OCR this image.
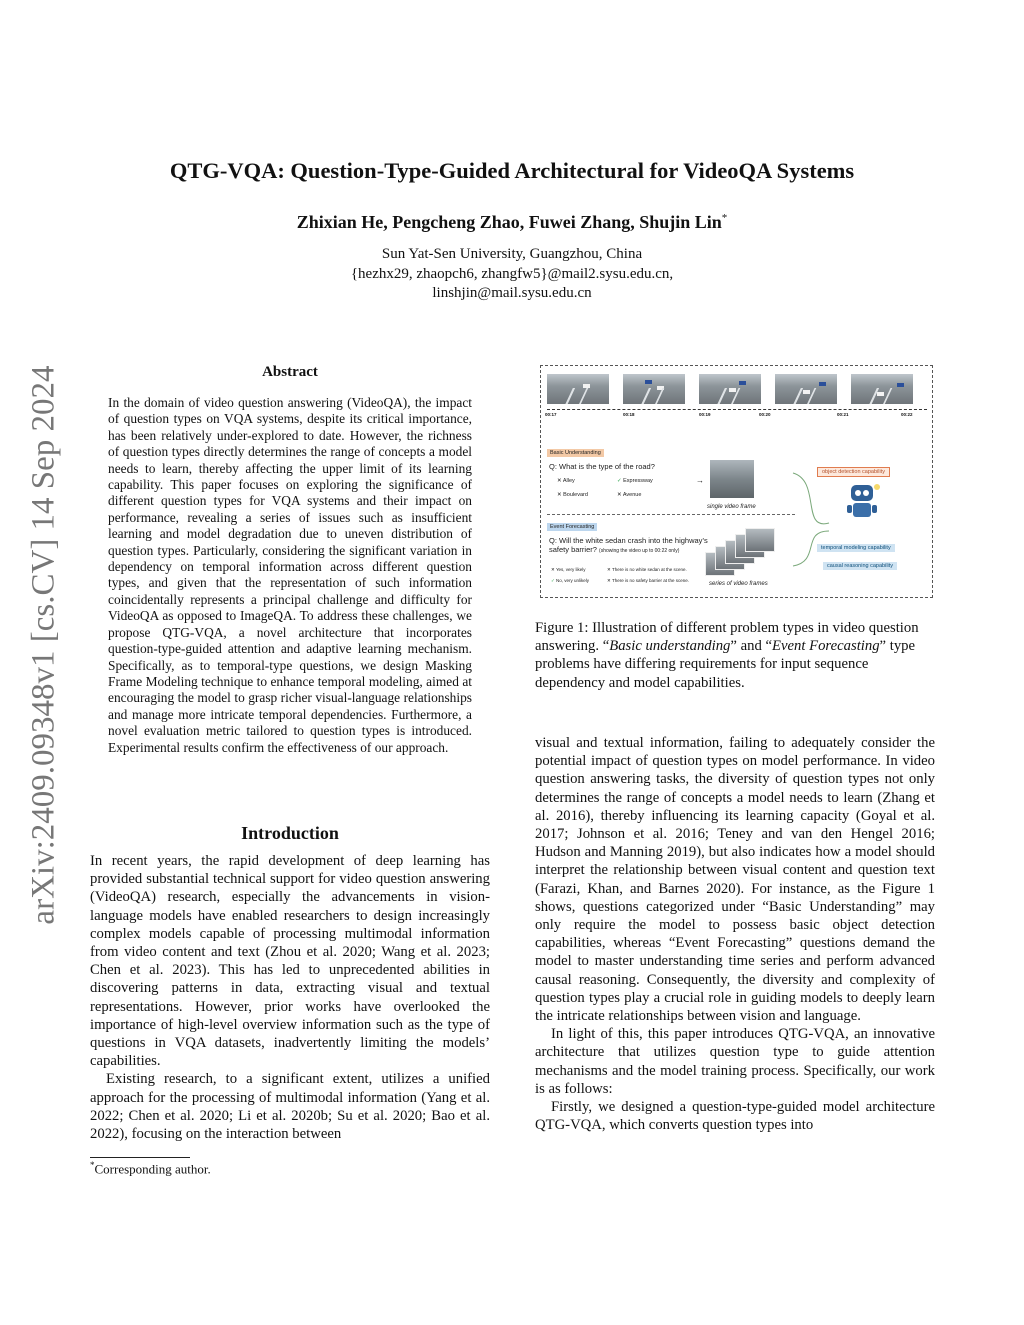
QTG-VQA: Question-Type-Guided Architectural for VideoQA Systems
Zhixian He, Pengcheng Zhao, Fuwei Zhang, Shujin Lin*
Sun Yat-Sen University, Guangzhou, China
{hezhx29, zhaopch6, zhangfw5}@mail2.sysu.edu.cn,
linshjin@mail.sysu.edu.cn
arXiv:2409.09348v1 [cs.CV] 14 Sep 2024	Abstract
In the domain of video question answering (VideoQA), the impact of question types on VQA systems, despite its critical importance, has been relatively under-explored to date. However, the richness of question types directly determines the range of concepts a model needs to learn, thereby affecting the upper limit of its learning capability. This paper focuses on exploring the significance of different question types for VQA systems and their impact on performance, revealing a series of issues such as insufficient learning and model degradation due to uneven distribution of question types. Particularly, considering the significant variation in dependency on temporal information across different question types, and given that the representation of such information coincidentally represents a principal challenge and difficulty for VideoQA as opposed to ImageQA. To address these challenges, we propose QTG-VQA, a novel architecture that incorporates question-type-guided attention and adaptive learning mechanism. Specifically, as to temporal-type questions, we design Masking Frame Modeling technique to enhance temporal modeling, aimed at encouraging the model to grasp richer visual-language relationships and manage more intricate temporal dependencies. Furthermore, a novel evaluation metric tailored to question types is introduced. Experimental results confirm the effectiveness of our approach.
Introduction

In recent years, the rapid development of deep learning has provided substantial technical support for video question answering (VideoQA) research, especially the advancements in vision-language models have enabled researchers to design increasingly complex models capable of processing multimodal information from video content and text (Zhou et al. 2020; Wang et al. 2023; Chen et al. 2023). This has led to unprecedented abilities in discovering patterns in data, extracting visual and textual representations. However, prior works have overlooked the importance of high-level overview information such as the type of questions in VQA datasets, inadvertently limiting the models’ capabilities.

Existing research, to a significant extent, utilizes a unified approach for the processing of multimodal information (Yang et al. 2022; Chen et al. 2020; Li et al. 2020b; Su et al. 2020; Bao et al. 2022), focusing on the interaction between

*Corresponding author.
00:17	00:18	00:19	00:20	00:21	00:22
Basic Understanding
Q: What is the type of the road?
✕ Alley	✓ Expressway
✕ Boulevard	✕ Avenue
single video frame
→
Event Forecasting
Q: Will the white sedan crash into the highway’s safety barrier? (showing the video up to 00:22 only)
✕ Yes, very likely	✕ There is no white sedan at the scene.
✓ No, very unlikely	✕ There is no safety barrier at the scene.
series of video frames
object detection capability
temporal modeling capability
causal reasoning capability
Figure 1: Illustration of different problem types in video question answering. “Basic understanding” and “Event Forecasting” type problems have differing requirements for input sequence dependency and model capabilities.

visual and textual information, failing to adequately consider the potential impact of question types on model performance. In video question answering tasks, the diversity of question types not only determines the range of concepts a model needs to learn (Zhang et al. 2016), thereby influencing its learning capacity (Goyal et al. 2017; Johnson et al. 2016; Teney and van den Hengel 2016; Hudson and Manning 2019), but also indicates how a model should interpret the relationship between visual content and question text (Farazi, Khan, and Barnes 2020). For instance, as the Figure 1 shows, questions categorized under “Basic Understanding” may only require the model to possess basic object detection capabilities, whereas “Event Forecasting” questions demand the model to master understanding time series and perform advanced causal reasoning. Consequently, the diversity and complexity of question types play a crucial role in guiding models to deeply learn the intricate relationships between vision and language.

In light of this, this paper introduces QTG-VQA, an innovative architecture that utilizes question type to guide attention mechanisms and the model training process. Specifically, our work is as follows:

Firstly, we designed a question-type-guided model architecture QTG-VQA, which converts question types into
